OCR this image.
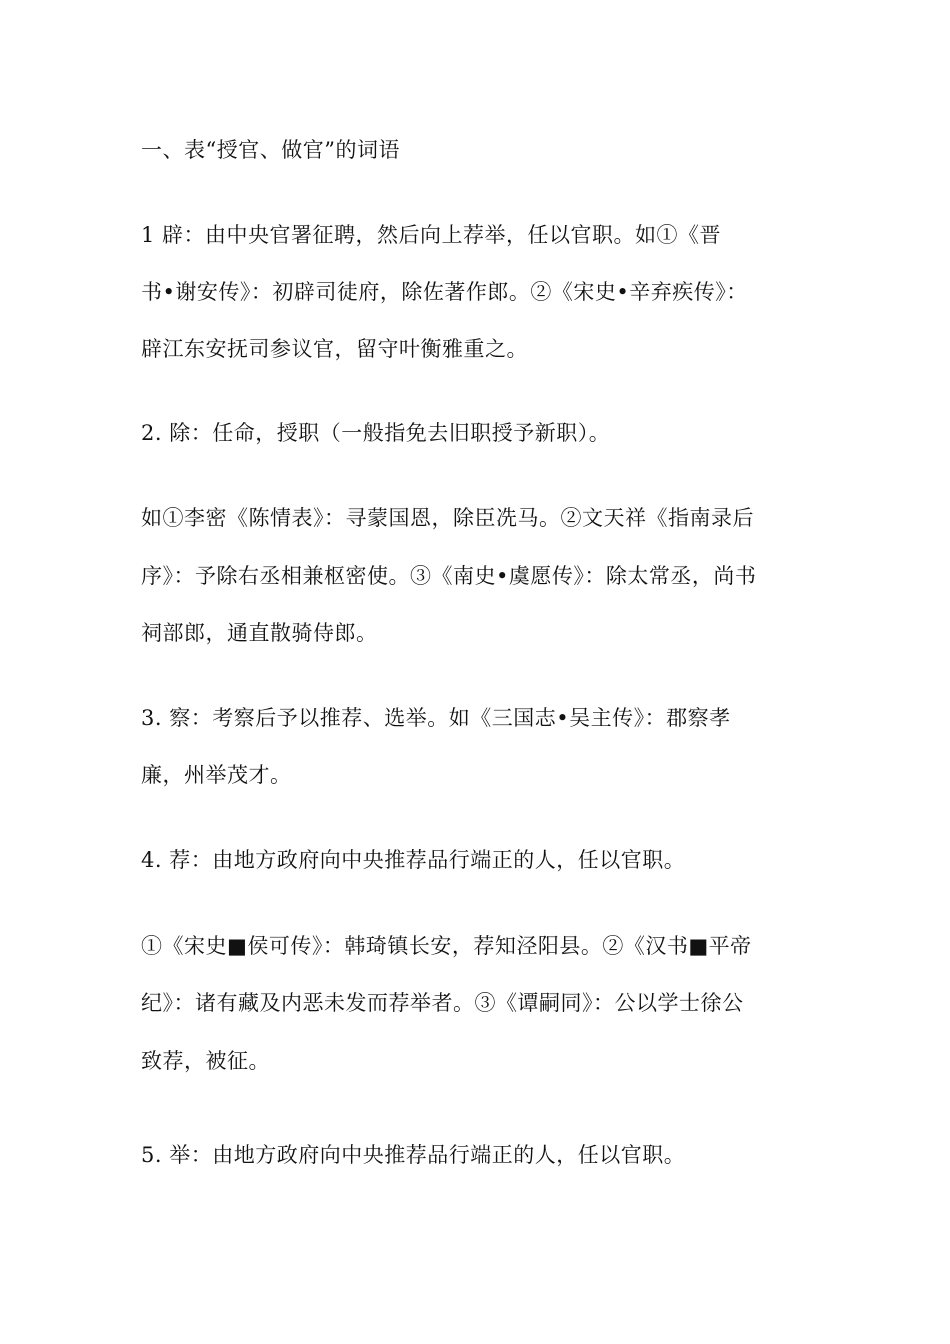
一、表“授官、做官”的词语
1 辟：由中央官署征聘，然后向上荐举，任以官职。如①《晋
书•谢安传》：初辟司徒府，除佐著作郎。②《宋史•辛弃疾传》：
辟江东安抚司参议官，留守叶衡雅重之。
2. 除：任命，授职（一般指免去旧职授予新职）。
如①李密《陈情表》：寻蒙国恩，除臣冼马。②文天祥《指南录后
序》：予除右丞相兼枢密使。③《南史•虞愿传》：除太常丞，尚书
祠部郎，通直散骑侍郎。
3. 察：考察后予以推荐、选举。如《三国志•吴主传》：郡察孝
廉，州举茂才。
4. 荐：由地方政府向中央推荐品行端正的人，任以官职。
①《宋史■侯可传》：韩琦镇长安，荐知泾阳县。②《汉书■平帝
纪》：诸有藏及内恶未发而荐举者。③《谭嗣同》：公以学士徐公
致荐，被征。
5. 举：由地方政府向中央推荐品行端正的人，任以官职。
